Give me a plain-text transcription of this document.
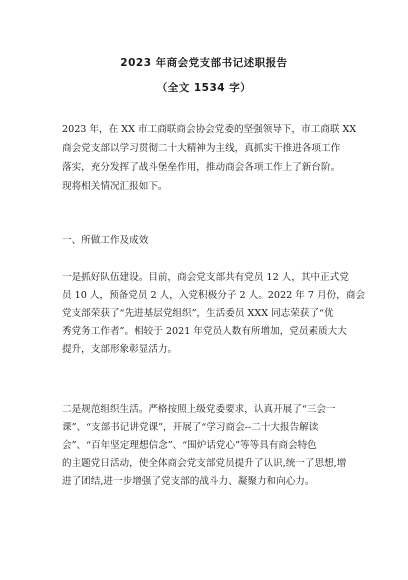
2023 年商会党支部书记述职报告
（全文 1534 字）
2023 年，在 XX 市工商联商会协会党委的坚强领导下，市工商联 XX
商会党支部以学习贯彻二十大精神为主线，真抓实干推进各项工作
落实，充分发挥了战斗堡垒作用，推动商会各项工作上了新台阶。
现将相关情况汇报如下。
一、所做工作及成效
一是抓好队伍建设。目前，商会党支部共有党员 12 人，其中正式党
员 10 人，预备党员 2 人，入党积极分子 2 人。2022 年 7 月份，商会
党支部荣获了“先进基层党组织”，生活委员 XXX 同志荣获了“优
秀党务工作者”。相较于 2021 年党员人数有所增加，党员素质大大
提升，支部形象彰显活力。
二是规范组织生活。严格按照上级党委要求，认真开展了“三会一
课”、“支部书记讲党课”，开展了“学习商会--二十大报告解读
会”、“百年坚定理想信念”、“围炉话党心”等等具有商会特色
的主题党日活动，使全体商会党支部党员提升了认识,统一了思想,增
进了团结,进一步增强了党支部的战斗力、凝聚力和向心力。
